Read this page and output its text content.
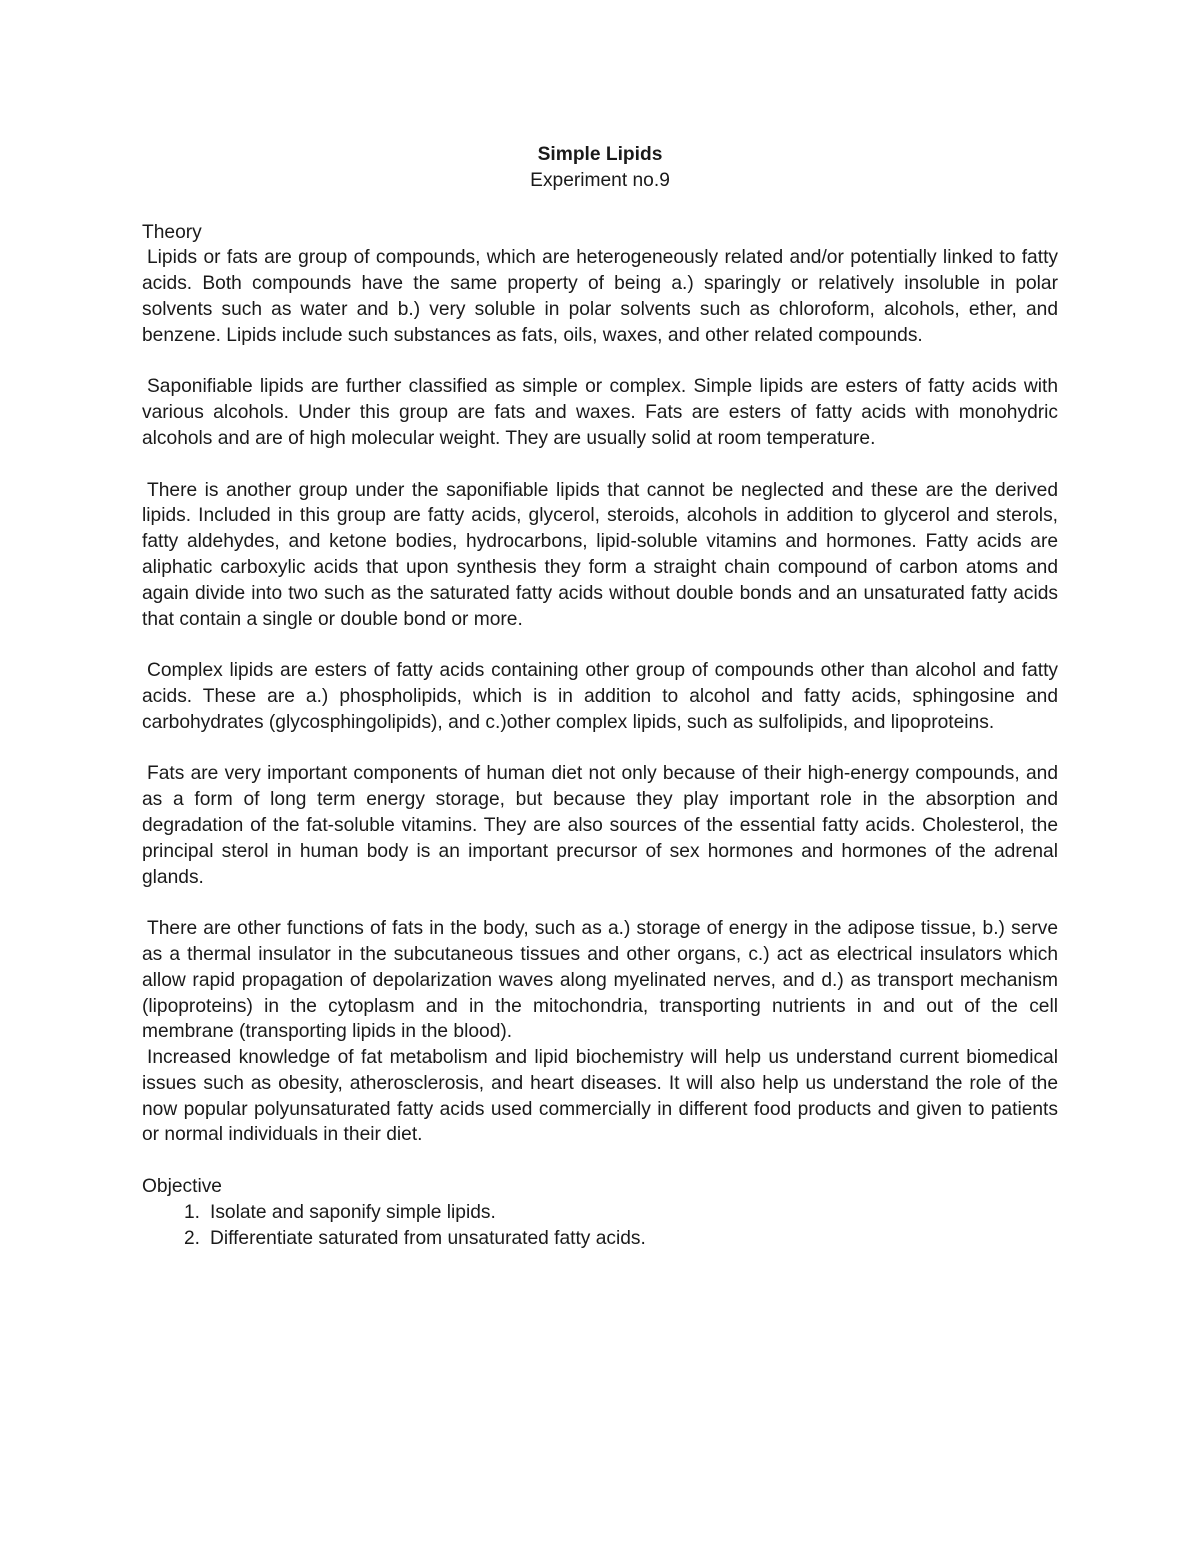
Simple Lipids

Experiment no.9

Theory

Lipids or fats are group of compounds, which are heterogeneously related and/or potentially linked to fatty acids. Both compounds have the same property of being a.) sparingly or relatively insoluble in polar solvents such as water and b.) very soluble in polar solvents such as chloroform, alcohols, ether, and benzene. Lipids include such substances as fats, oils, waxes, and other related compounds.

Saponifiable lipids are further classified as simple or complex. Simple lipids are esters of fatty acids with various alcohols. Under this group are fats and waxes. Fats are esters of fatty acids with monohydric alcohols and are of high molecular weight. They are usually solid at room temperature.

There is another group under the saponifiable lipids that cannot be neglected and these are the derived lipids. Included in this group are fatty acids, glycerol, steroids, alcohols in addition to glycerol and sterols, fatty aldehydes, and ketone bodies, hydrocarbons, lipid-soluble vitamins and hormones. Fatty acids are aliphatic carboxylic acids that upon synthesis they form a straight chain compound of carbon atoms and again divide into two such as the saturated fatty acids without double bonds and an unsaturated fatty acids that contain a single or double bond or more.

Complex lipids are esters of fatty acids containing other group of compounds other than alcohol and fatty acids. These are a.) phospholipids, which is in addition to alcohol and fatty acids, sphingosine and carbohydrates (glycosphingolipids), and c.)other complex lipids, such as sulfolipids, and lipoproteins.

Fats are very important components of human diet not only because of their high-energy compounds, and as a form of long term energy storage, but because they play important role in the absorption and degradation of the fat-soluble vitamins. They are also sources of the essential fatty acids. Cholesterol, the principal sterol in human body is an important precursor of sex hormones and hormones of the adrenal glands.

There are other functions of fats in the body, such as a.) storage of energy in the adipose tissue, b.) serve as a thermal insulator in the subcutaneous tissues and other organs, c.) act as electrical insulators which allow rapid propagation of depolarization waves along myelinated nerves, and d.) as transport mechanism (lipoproteins) in the cytoplasm and in the mitochondria, transporting nutrients in and out of the cell membrane (transporting lipids in the blood).

Increased knowledge of fat metabolism and lipid biochemistry will help us understand current biomedical issues such as obesity, atherosclerosis, and heart diseases. It will also help us understand the role of the now popular polyunsaturated fatty acids used commercially in different food products and given to patients or normal individuals in their diet.

Objective

1. Isolate and saponify simple lipids.
2. Differentiate saturated from unsaturated fatty acids.
